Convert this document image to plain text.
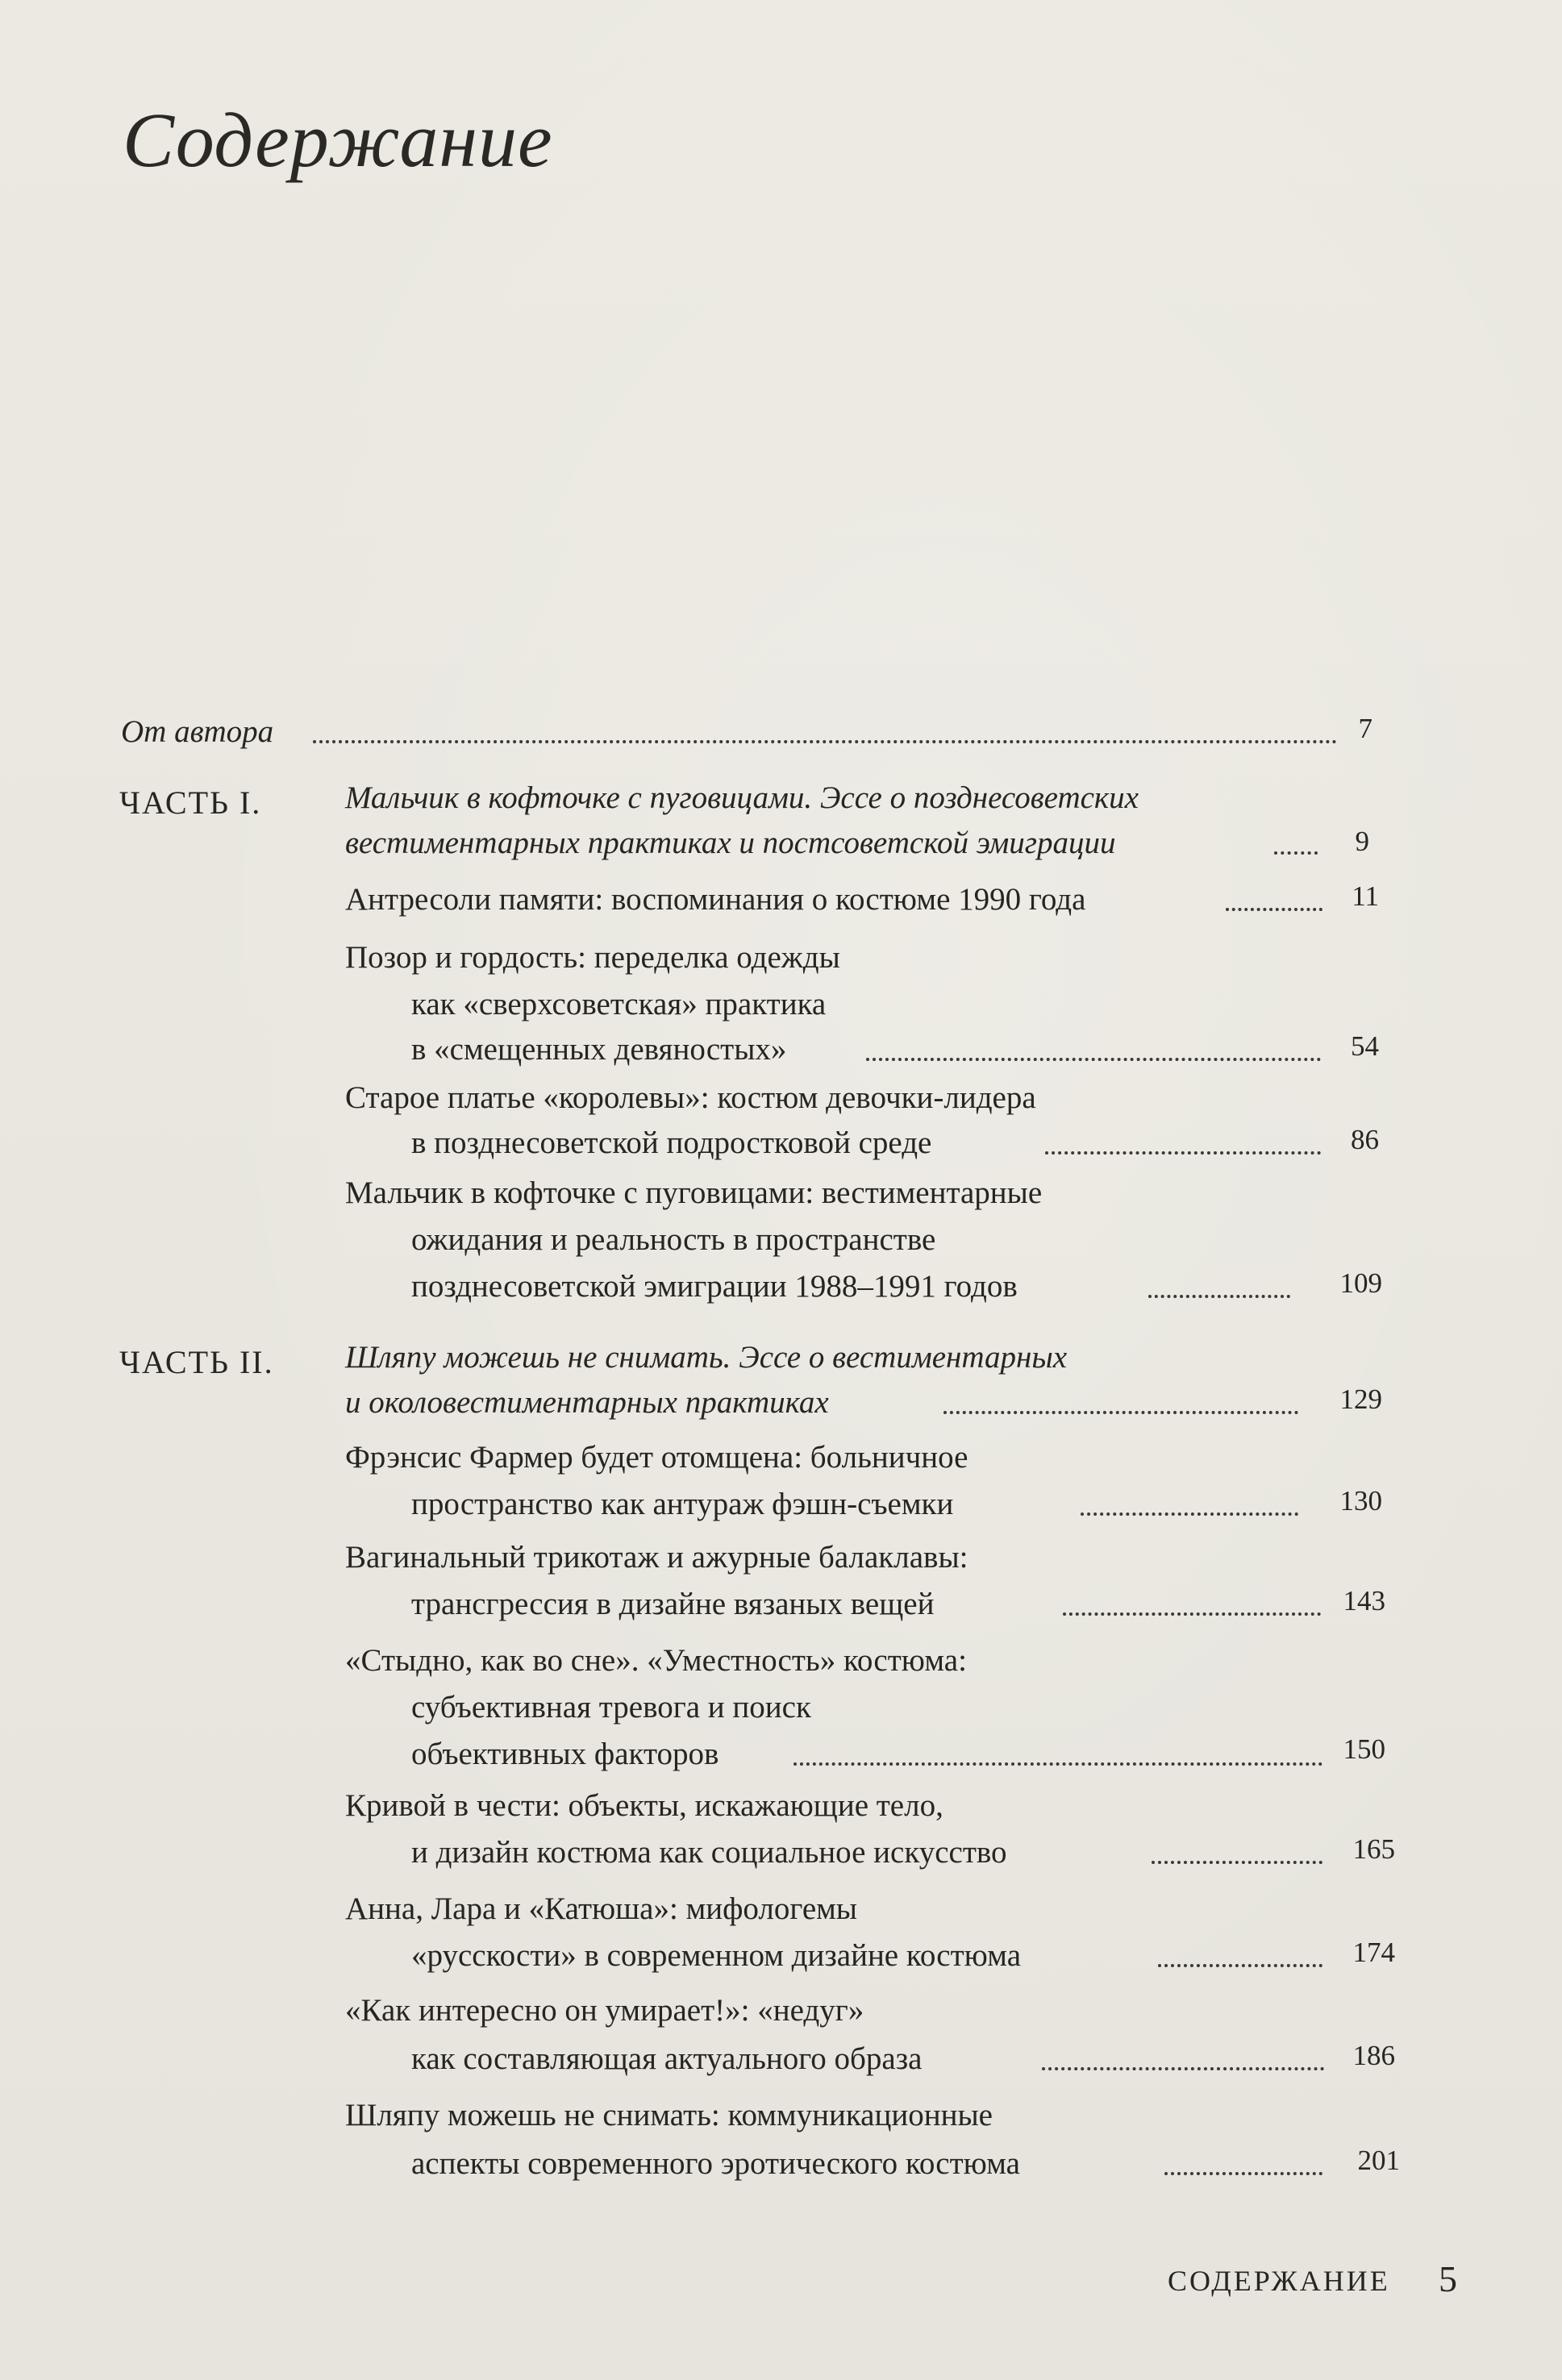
Содержание
От автора	7
ЧАСТЬ I.	Мальчик в кофточке с пуговицами. Эссе о позднесоветских
вестиментарных практиках и постсоветской эмиграции	9
Антресоли памяти: воспоминания о костюме 1990 года	11
Позор и гордость: переделка одежды
как «сверхсоветская» практика
в «смещенных девяностых»	54
Старое платье «королевы»: костюм девочки-лидера
в позднесоветской подростковой среде	86
Мальчик в кофточке с пуговицами: вестиментарные
ожидания и реальность в пространстве
позднесоветской эмиграции 1988–1991 годов	109
ЧАСТЬ II. Шляпу можешь не снимать. Эссе о вестиментарных
и околовестиментарных практиках	129
Фрэнсис Фармер будет отомщена: больничное
пространство как антураж фэшн-съемки	130
Вагинальный трикотаж и ажурные балаклавы:
трансгрессия в дизайне вязаных вещей	143
«Стыдно, как во сне». «Уместность» костюма:
субъективная тревога и поиск
объективных факторов	150
Кривой в чести: объекты, искажающие тело,
и дизайн костюма как социальное искусство	165
Анна, Лара и «Катюша»: мифологемы
«русскости» в современном дизайне костюма	174
«Как интересно он умирает!»: «недуг»
как составляющая актуального образа	186
Шляпу можешь не снимать: коммуникационные
аспекты современного эротического костюма	201
СОДЕРЖАНИЕ 5
